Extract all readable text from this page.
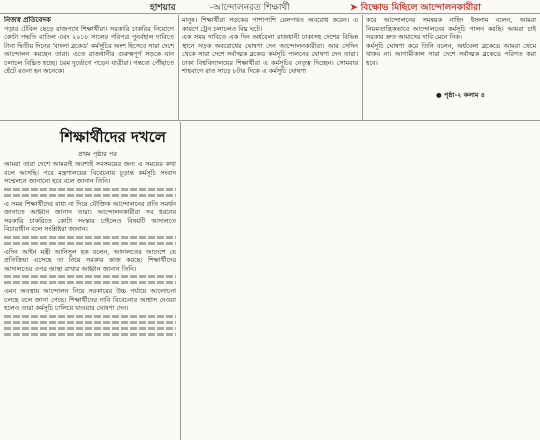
হাশয়ার	-আন্দোলনরত শিক্ষার্থী	➤ বিক্ষোভ মিছিলে আন্দোলনকারীরা

নিজস্ব প্রতিবেদক

পড়ার টেবিল ছেড়ে রাজপথে শিক্ষার্থীরা। সরকারি চাকরির নিয়োগে কোটা পদ্ধতি বাতিল এবং ২০১৮ সালের পরিপত্র পুনর্বহাল দাবিতে টানা দ্বিতীয় দিনের 'বাংলা ব্লকেড' কর্মসূচির অংশ হিসেবে সারা দেশে আন্দোলন করছেন তারা। এতে রাজধানীর গুরুত্বপূর্ণ সড়কে যান চলাচল বিঘ্নিত হচ্ছে। চরম দুর্ভোগে পড়েন যাত্রীরা। গন্তব্যে পৌঁছাতে হেঁটে রওনা হন অনেকে।

মানুষ। শিক্ষার্থীরা সড়কের পাশাপাশি রেলপথও অবরোধ করেন। এ কারণে ট্রেন চলাচলও বিঘ্ন ঘটে।

এক সময় দাবিতে এক দিন অর্ধবেলা রাজধানী ঢাকাসহ দেশের বিভিন্ন স্থানে সড়ক অবরোধের ঘোষণা দেন আন্দোলনকারীরা। আর সেদিন থেকে সারা দেশে সর্বাত্মক ব্লকেড কর্মসূচি পালনের ঘোষণা দেন তারা। ঢাকা বিশ্ববিদ্যালয়ের শিক্ষার্থীরা এ কর্মসূচির নেতৃত্ব দিচ্ছেন। সোমবার শাহবাগে রাত সাড়ে ৮টার দিকে এ কর্মসূচি ঘোষণা

করে আন্দোলনের সমন্বয়ক নাহিদ ইসলাম বলেন, আমরা নিয়মতান্ত্রিকভাবে আন্দোলনের কর্মসূচি পালন করছি। আমরা চাই সরকার দ্রুত আমাদের দাবি মেনে নিক।

কর্মসূচি ঘোষণা করে তিনি বলেন, অর্ধবেলা ব্লকেডে আমরা থেমে থাকব না। আগামীকাল সারা দেশে সর্বাত্মক ব্লকেডে পরিণত করা হবে।

● পৃষ্ঠা-২ কলাম ৪
শিক্ষার্থীদের দখলে
প্রথম পৃষ্ঠার পর

আমরা তারা দেশে আমরাই অবশ্যই সবসময়ের জন্য এ সময়ের কথা বলে আসছি। পরে মন্ত্রণালয়ের বিবেচনায় চূড়ান্ত কর্মসূচি সংবাদ সম্মেলনে জানানো হবে বলে জানান তিনি।

এ সময় শিক্ষার্থীদের বাধা না দিয়ে যৌক্তিক আন্দোলনের প্রতি সমর্থন জানাতে আহ্বান জানান তারা। আন্দোলনকারীরা সব ধরনের সরকারি চাকরিতে কোটা সংস্কার চাইলেও বিষয়টি আদালতে বিচারাধীন বলে সংশ্লিষ্টরা জানান।

এদিন আইন মন্ত্রী আনিসুল হক বলেন, আদালতের আদেশে যে প্রতিক্রিয়া এসেছে তা নিয়ে সরকার কাজ করছে। শিক্ষার্থীদের আদালতের ওপর আস্থা রাখার আহ্বান জানান তিনি।

এমন অবস্থায় আন্দোলন নিয়ে সরকারের উচ্চ পর্যায়ে আলোচনা চলছে বলে জানা গেছে। শিক্ষার্থীদের দাবি বিবেচনার আশ্বাস দেওয়া হলেও তারা কর্মসূচি চালিয়ে যাওয়ার ঘোষণা দেন।
